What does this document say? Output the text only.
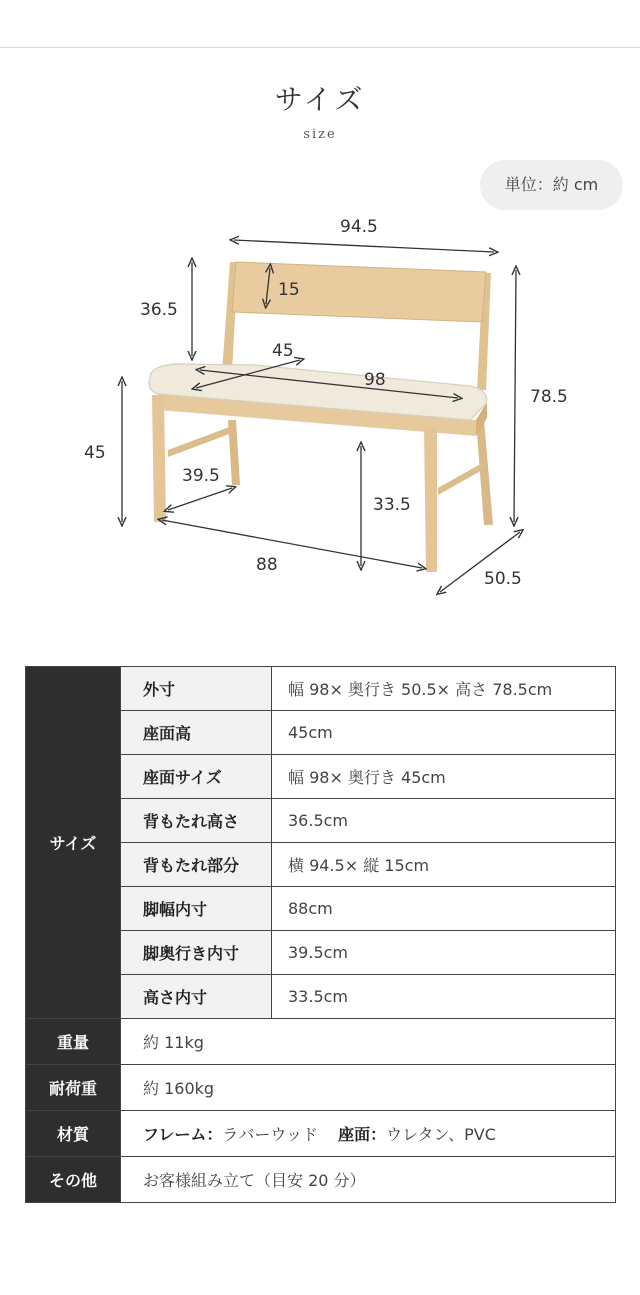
サイズ
size
単位：約 cm
94.5
36.5
15
45
98
78.5
45
39.5
33.5
88
50.5
サイズ	外寸	幅 98× 奥行き 50.5× 高さ 78.5cm
	座面高	45cm
	座面サイズ	幅 98× 奥行き 45cm
	背もたれ高さ	36.5cm
	背もたれ部分	横 94.5× 縦 15cm
	脚幅内寸	88cm
	脚奥行き内寸	39.5cm
	高さ内寸	33.5cm
重量	約 11kg	
耐荷重	約 160kg	
材質	フレーム：ラバーウッド 座面：ウレタン、PVC	
その他	お客様組み立て（目安 20 分）	
